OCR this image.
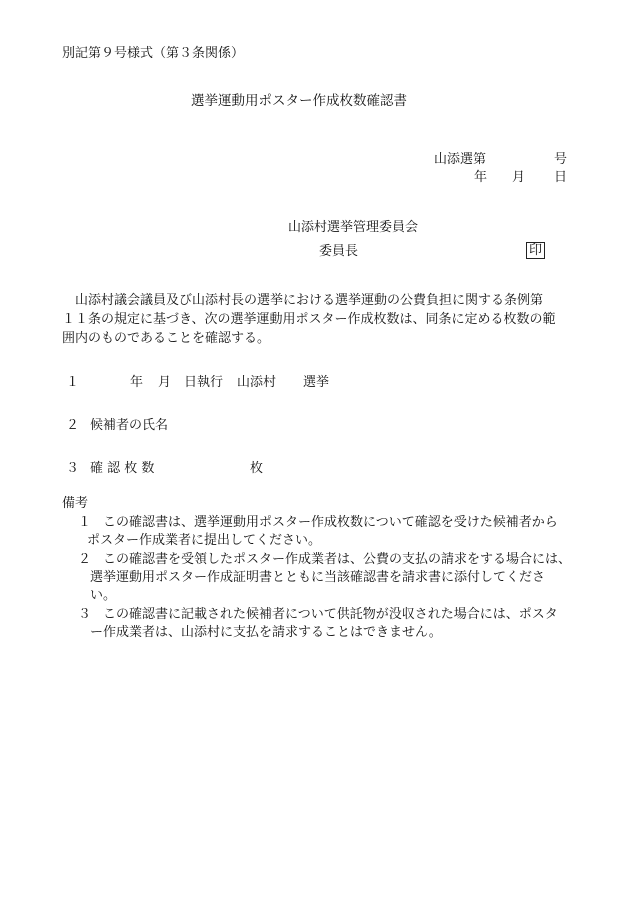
別記第９号様式（第３条関係）
選挙運動用ポスター作成枚数確認書
山添選第	号
年 月 日
山添村選挙管理委員会
委員長	印
山添村議会議員及び山添村長の選挙における選挙運動の公費負担に関する条例第
１１条の規定に基づき、次の選挙運動用ポスター作成枚数は、同条に定める枚数の範
囲内のものであることを確認する。
１	年 月 日執行 山添村 選挙
２ 候補者の氏名
３ 確 認 枚 数	枚
備考
１ この確認書は、選挙運動用ポスター作成枚数について確認を受けた候補者から
ポスター作成業者に提出してください。
２ この確認書を受領したポスター作成業者は、公費の支払の請求をする場合には、
選挙運動用ポスター作成証明書とともに当該確認書を請求書に添付してくださ
い。
３ この確認書に記載された候補者について供託物が没収された場合には、ポスタ
ー作成業者は、山添村に支払を請求することはできません。
